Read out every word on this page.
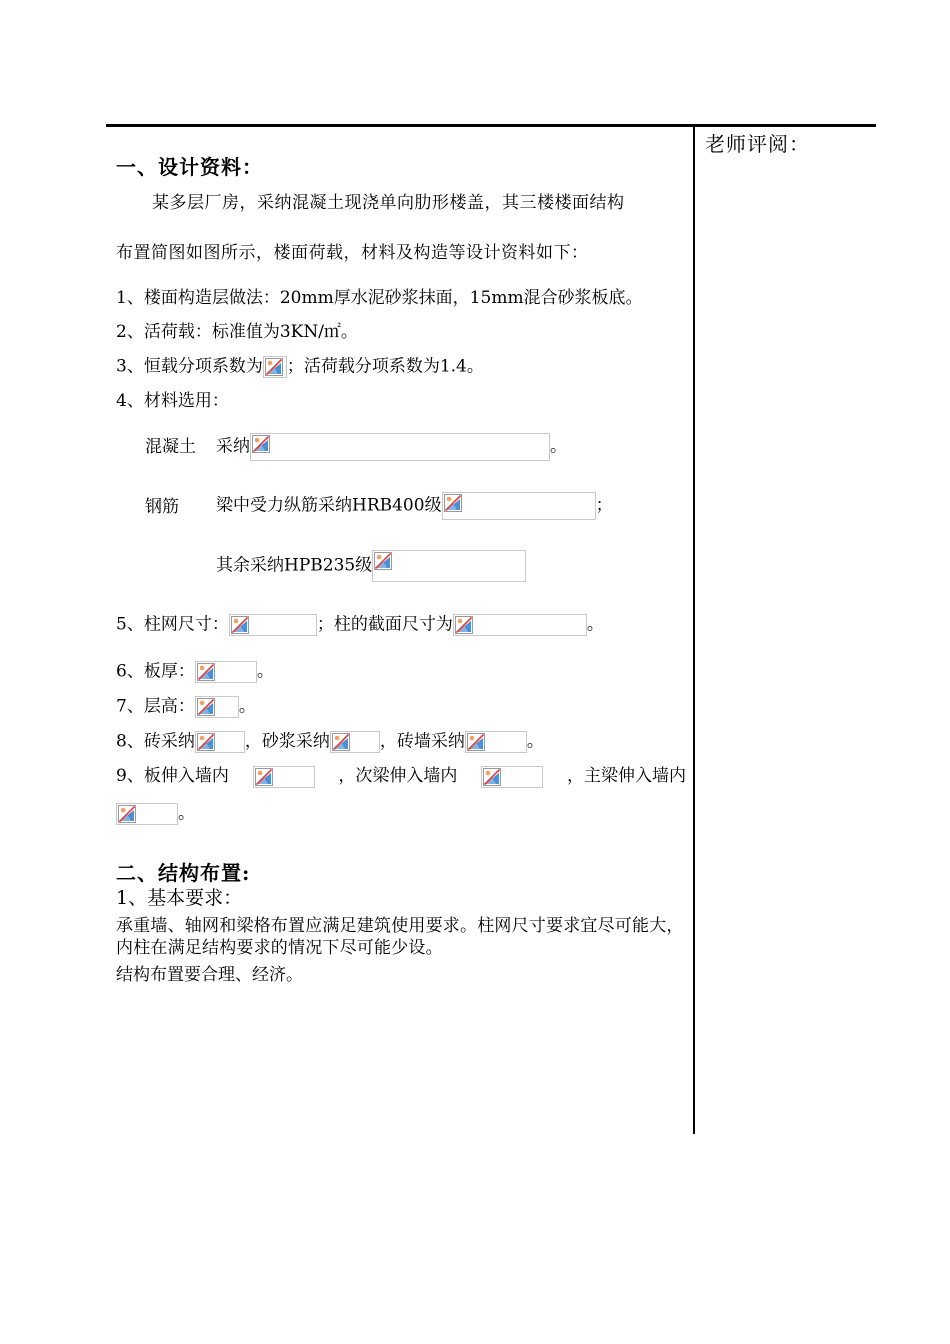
老师评阅：
一、设计资料：
某多层厂房，采纳混凝土现浇单向肋形楼盖，其三楼楼面结构
布置简图如图所示，楼面荷载，材料及构造等设计资料如下：
1、楼面构造层做法：20mm厚水泥砂浆抹面，15mm混合砂浆板底。
2、活荷载：标准值为3KN/㎡。
3、恒载分项系数为 ；活荷载分项系数为1.4。
4、材料选用：
混凝土 采纳	。
钢筋 梁中受力纵筋采纳HRB400级	；
其余采纳HPB235级
5、柱网尺寸：	；柱的截面尺寸为	。
6、板厚：	。
7、层高：	。
8、砖采纳	，砂浆采纳	，砖墙采纳	。
9、板伸入墙内	，次梁伸入墙内	，主梁伸入墙内
。
二、结构布置:
1、基本要求：
承重墙、轴网和梁格布置应满足建筑使用要求。柱网尺寸要求宜尽可能大，内柱在满足结构要求的情况下尽可能少设。
结构布置要合理、经济。
